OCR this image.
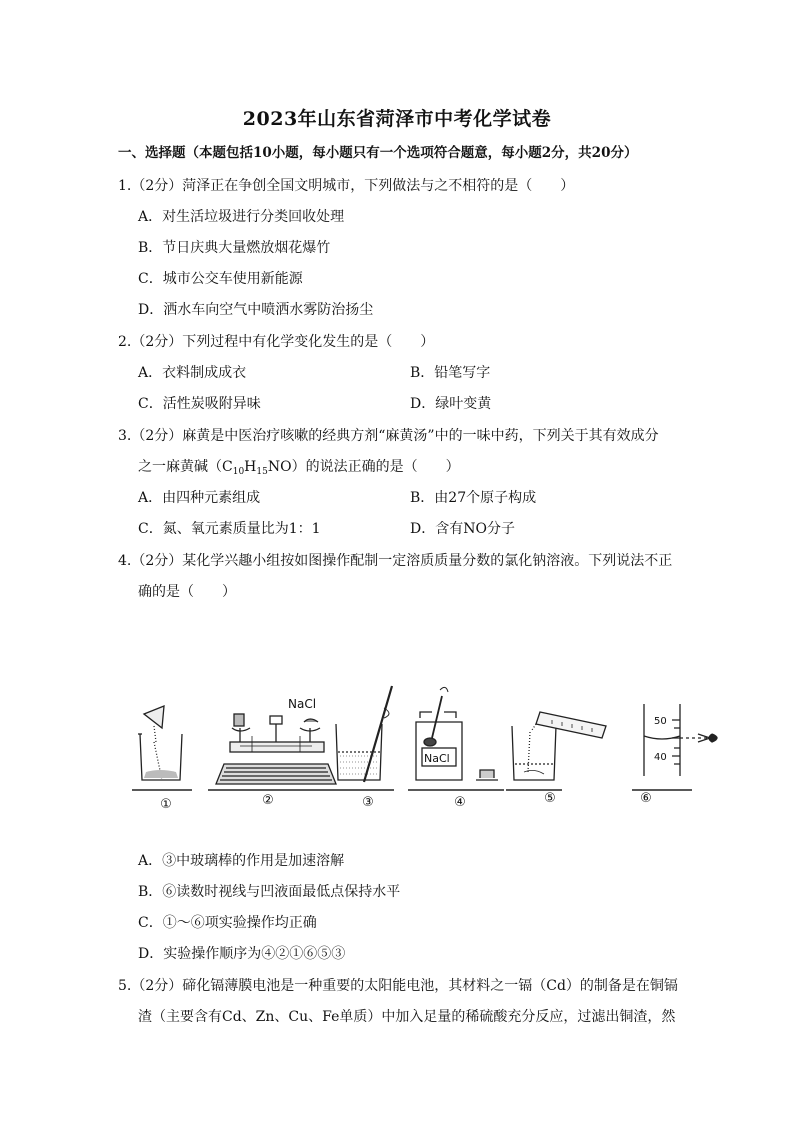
2023年山东省菏泽市中考化学试卷
一、选择题（本题包括10小题，每小题只有一个选项符合题意，每小题2分，共20分）
1.（2分）菏泽正在争创全国文明城市，下列做法与之不相符的是（　　）
A．对生活垃圾进行分类回收处理
B．节日庆典大量燃放烟花爆竹
C．城市公交车使用新能源
D．洒水车向空气中喷洒水雾防治扬尘
2.（2分）下列过程中有化学变化发生的是（　　）
A．衣料制成成衣	B．铅笔写字
C．活性炭吸附异味	D．绿叶变黄
3.（2分）麻黄是中医治疗咳嗽的经典方剂“麻黄汤”中的一味中药，下列关于其有效成分
之一麻黄碱$(C_{10}H_{15}NO)$的说法正确的是（　　）
A．由四种元素组成	B．由27个原子构成
C．氮、氧元素质量比为1：1	D．含有NO分子
4.（2分）某化学兴趣小组按如图操作配制一定溶质质量分数的氯化钠溶液。下列说法不正
确的是（　　）
NaCl
NaCl
50
40
①	②	③	④	⑤	⑥
A．③中玻璃棒的作用是加速溶解
B．⑥读数时视线与凹液面最低点保持水平
C．①～⑥项实验操作均正确
D．实验操作顺序为④②①⑥⑤③
5.（2分）碲化镉薄膜电池是一种重要的太阳能电池，其材料之一镉（Cd）的制备是在铜镉
渣（主要含有Cd、Zn、Cu、Fe单质）中加入足量的稀硫酸充分反应，过滤出铜渣，然
